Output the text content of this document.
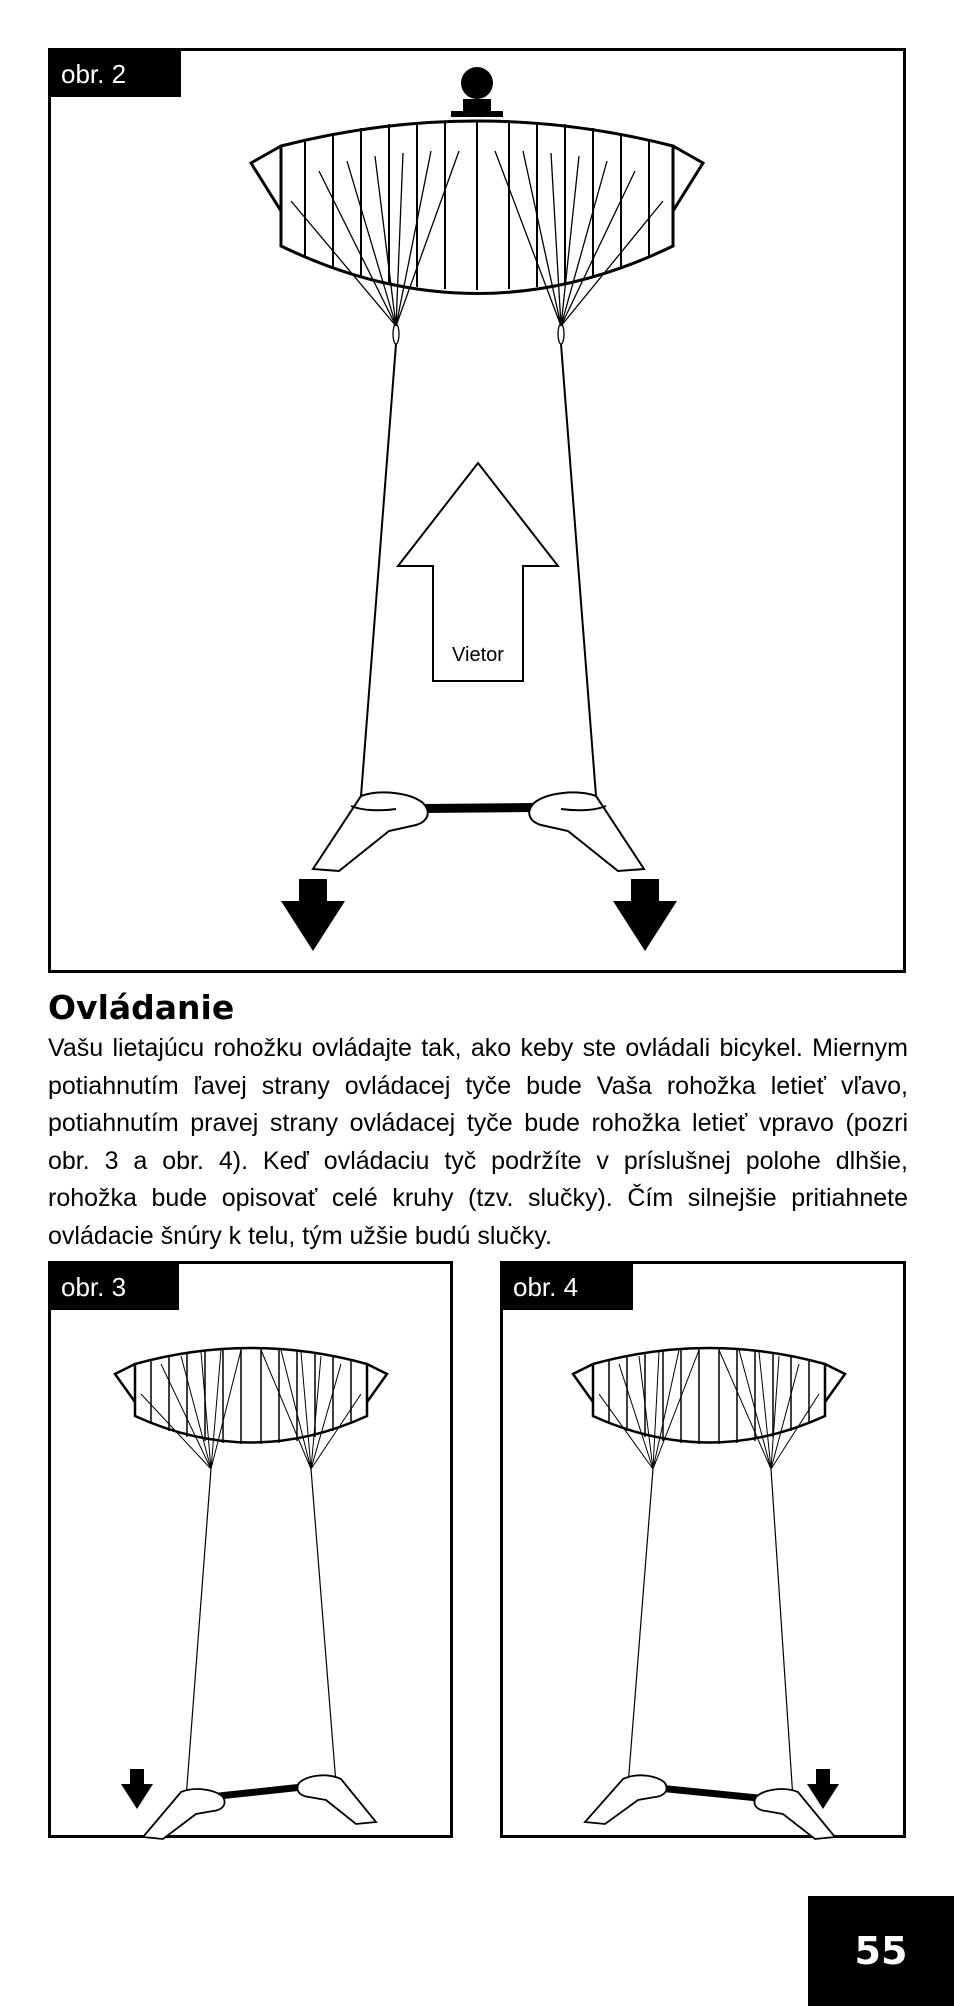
obr. 2
Vietor
Ovládanie

Vašu lietajúcu rohožku ovládajte tak, ako keby ste ovládali bicykel. Miernym potiahnutím ľavej strany ovládacej tyče bude Vaša rohožka letieť vľavo, potiahnutím pravej strany ovládacej tyče bude rohožka letieť vpravo (pozri obr. 3 a obr. 4). Keď ovládaciu tyč podržíte v príslušnej polohe dlhšie, rohožka bude opisovať celé kruhy (tzv. slučky). Čím silnejšie pritiahnete ovládacie šnúry k telu, tým užšie budú slučky.

obr. 3	obr. 4
55
